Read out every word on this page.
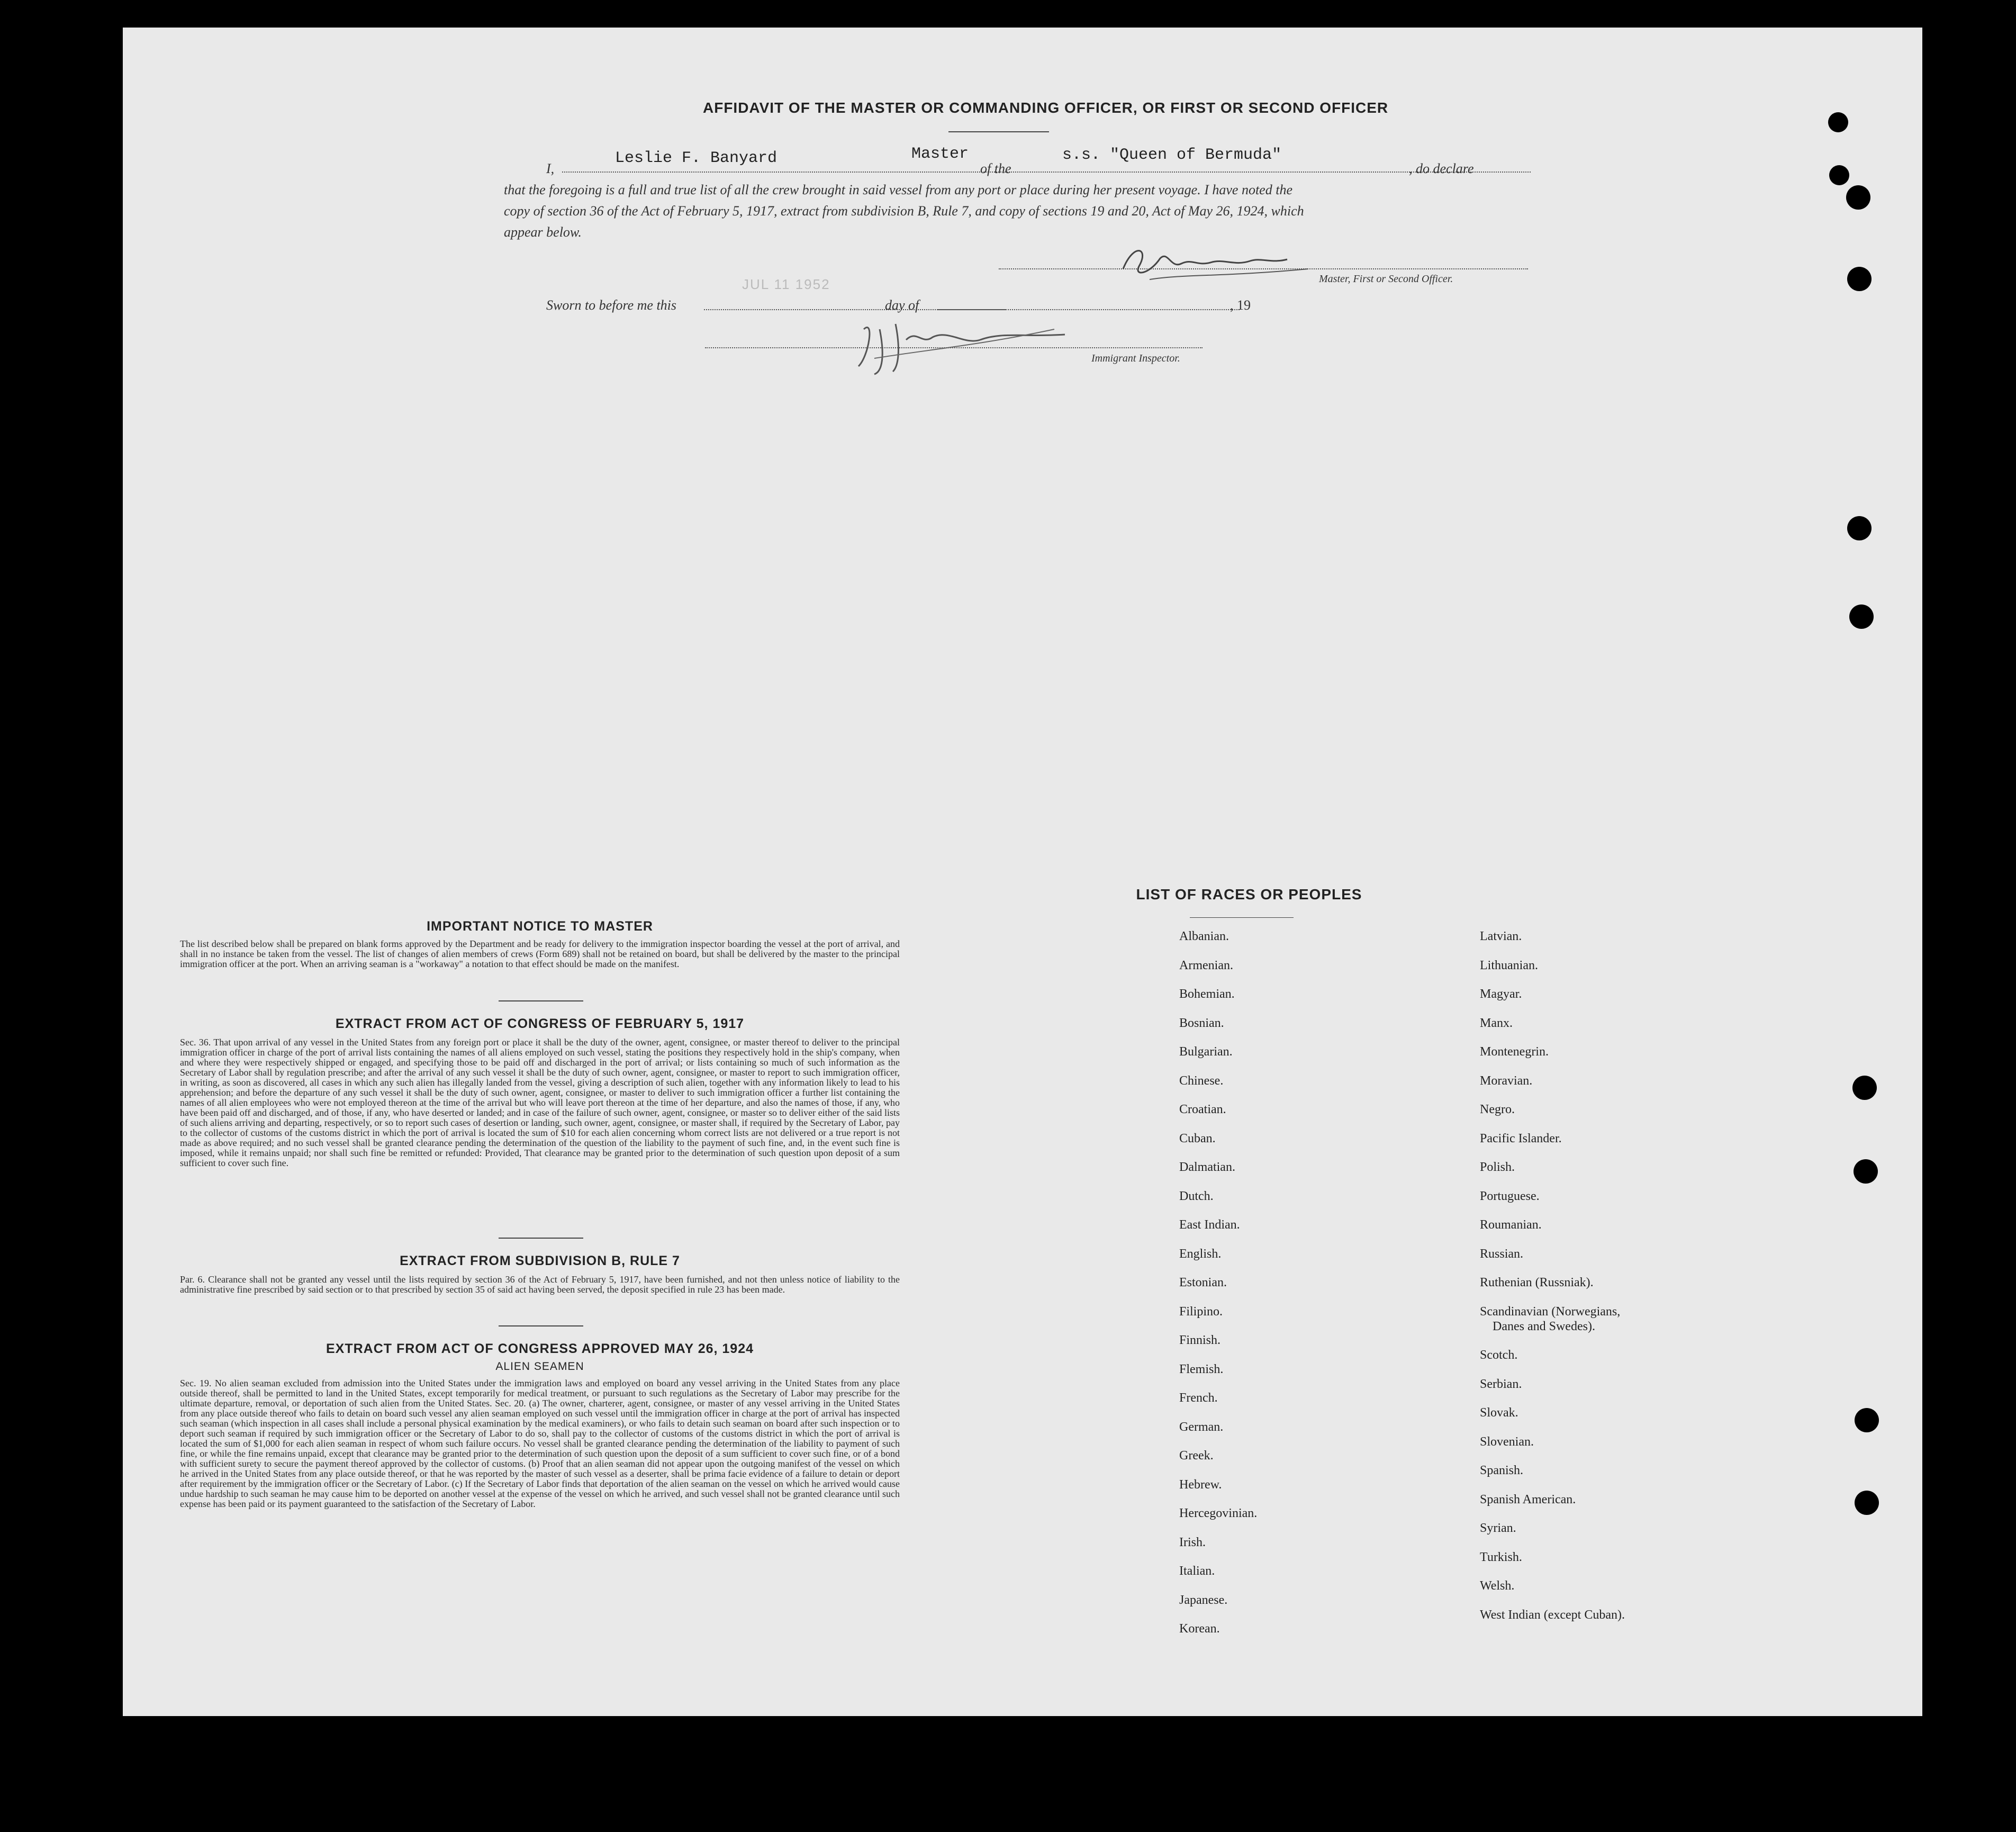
AFFIDAVIT OF THE MASTER OR COMMANDING OFFICER, OR FIRST OR SECOND OFFICER
I,
Leslie F. Banyard	Master
of the
s.s. "Queen of Bermuda"
, do declare
that the foregoing is a full and true list of all the crew brought in said vessel from any port or place during her present voyage. I have noted the
copy of section 36 of the Act of February 5, 1917, extract from subdivision B, Rule 7, and copy of sections 19 and 20, Act of May 26, 1924, which
appear below.
Master, First or Second Officer.
Sworn to before me this
JUL 11 1952
day of	, 19
Immigrant Inspector.
IMPORTANT NOTICE TO MASTER
The list described below shall be prepared on blank forms approved by the Department and be ready for delivery to the immigration inspector boarding the vessel at the port of arrival, and shall in no instance be taken from the vessel. The list of changes of alien members of crews (Form 689) shall not be retained on board, but shall be delivered by the master to the principal immigration officer at the port. When an arriving seaman is a "workaway" a notation to that effect should be made on the manifest.
EXTRACT FROM ACT OF CONGRESS OF FEBRUARY 5, 1917
Sec. 36. That upon arrival of any vessel in the United States from any foreign port or place it shall be the duty of the owner, agent, consignee, or master thereof to deliver to the principal immigration officer in charge of the port of arrival lists containing the names of all aliens employed on such vessel, stating the positions they respectively hold in the ship's company, when and where they were respectively shipped or engaged, and specifying those to be paid off and discharged in the port of arrival; or lists containing so much of such information as the Secretary of Labor shall by regulation prescribe; and after the arrival of any such vessel it shall be the duty of such owner, agent, consignee, or master to report to such immigration officer, in writing, as soon as discovered, all cases in which any such alien has illegally landed from the vessel, giving a description of such alien, together with any information likely to lead to his apprehension; and before the departure of any such vessel it shall be the duty of such owner, agent, consignee, or master to deliver to such immigration officer a further list containing the names of all alien employees who were not employed thereon at the time of the arrival but who will leave port thereon at the time of her departure, and also the names of those, if any, who have been paid off and discharged, and of those, if any, who have deserted or landed; and in case of the failure of such owner, agent, consignee, or master so to deliver either of the said lists of such aliens arriving and departing, respectively, or so to report such cases of desertion or landing, such owner, agent, consignee, or master shall, if required by the Secretary of Labor, pay to the collector of customs of the customs district in which the port of arrival is located the sum of $10 for each alien concerning whom correct lists are not delivered or a true report is not made as above required; and no such vessel shall be granted clearance pending the determination of the question of the liability to the payment of such fine, and, in the event such fine is imposed, while it remains unpaid; nor shall such fine be remitted or refunded: Provided, That clearance may be granted prior to the determination of such question upon deposit of a sum sufficient to cover such fine.
EXTRACT FROM SUBDIVISION B, RULE 7
Par. 6. Clearance shall not be granted any vessel until the lists required by section 36 of the Act of February 5, 1917, have been furnished, and not then unless notice of liability to the administrative fine prescribed by said section or to that prescribed by section 35 of said act having been served, the deposit specified in rule 23 has been made.
EXTRACT FROM ACT OF CONGRESS APPROVED MAY 26, 1924
ALIEN SEAMEN
Sec. 19. No alien seaman excluded from admission into the United States under the immigration laws and employed on board any vessel arriving in the United States from any place outside thereof, shall be permitted to land in the United States, except temporarily for medical treatment, or pursuant to such regulations as the Secretary of Labor may prescribe for the ultimate departure, removal, or deportation of such alien from the United States. Sec. 20. (a) The owner, charterer, agent, consignee, or master of any vessel arriving in the United States from any place outside thereof who fails to detain on board such vessel any alien seaman employed on such vessel until the immigration officer in charge at the port of arrival has inspected such seaman (which inspection in all cases shall include a personal physical examination by the medical examiners), or who fails to detain such seaman on board after such inspection or to deport such seaman if required by such immigration officer or the Secretary of Labor to do so, shall pay to the collector of customs of the customs district in which the port of arrival is located the sum of $1,000 for each alien seaman in respect of whom such failure occurs. No vessel shall be granted clearance pending the determination of the liability to payment of such fine, or while the fine remains unpaid, except that clearance may be granted prior to the determination of such question upon the deposit of a sum sufficient to cover such fine, or of a bond with sufficient surety to secure the payment thereof approved by the collector of customs. (b) Proof that an alien seaman did not appear upon the outgoing manifest of the vessel on which he arrived in the United States from any place outside thereof, or that he was reported by the master of such vessel as a deserter, shall be prima facie evidence of a failure to detain or deport after requirement by the immigration officer or the Secretary of Labor. (c) If the Secretary of Labor finds that deportation of the alien seaman on the vessel on which he arrived would cause undue hardship to such seaman he may cause him to be deported on another vessel at the expense of the vessel on which he arrived, and such vessel shall not be granted clearance until such expense has been paid or its payment guaranteed to the satisfaction of the Secretary of Labor.
LIST OF RACES OR PEOPLES
Albanian.
Armenian.
Bohemian.
Bosnian.
Bulgarian.
Chinese.
Croatian.
Cuban.
Dalmatian.
Dutch.
East Indian.
English.
Estonian.
Filipino.
Finnish.
Flemish.
French.
German.
Greek.
Hebrew.
Hercegovinian.
Irish.
Italian.
Japanese.
Korean.
Latvian.
Lithuanian.
Magyar.
Manx.
Montenegrin.
Moravian.
Negro.
Pacific Islander.
Polish.
Portuguese.
Roumanian.
Russian.
Ruthenian (Russniak).
Scandinavian (Norwegians,
Danes and Swedes).
Scotch.
Serbian.
Slovak.
Slovenian.
Spanish.
Spanish American.
Syrian.
Turkish.
Welsh.
West Indian (except Cuban).
